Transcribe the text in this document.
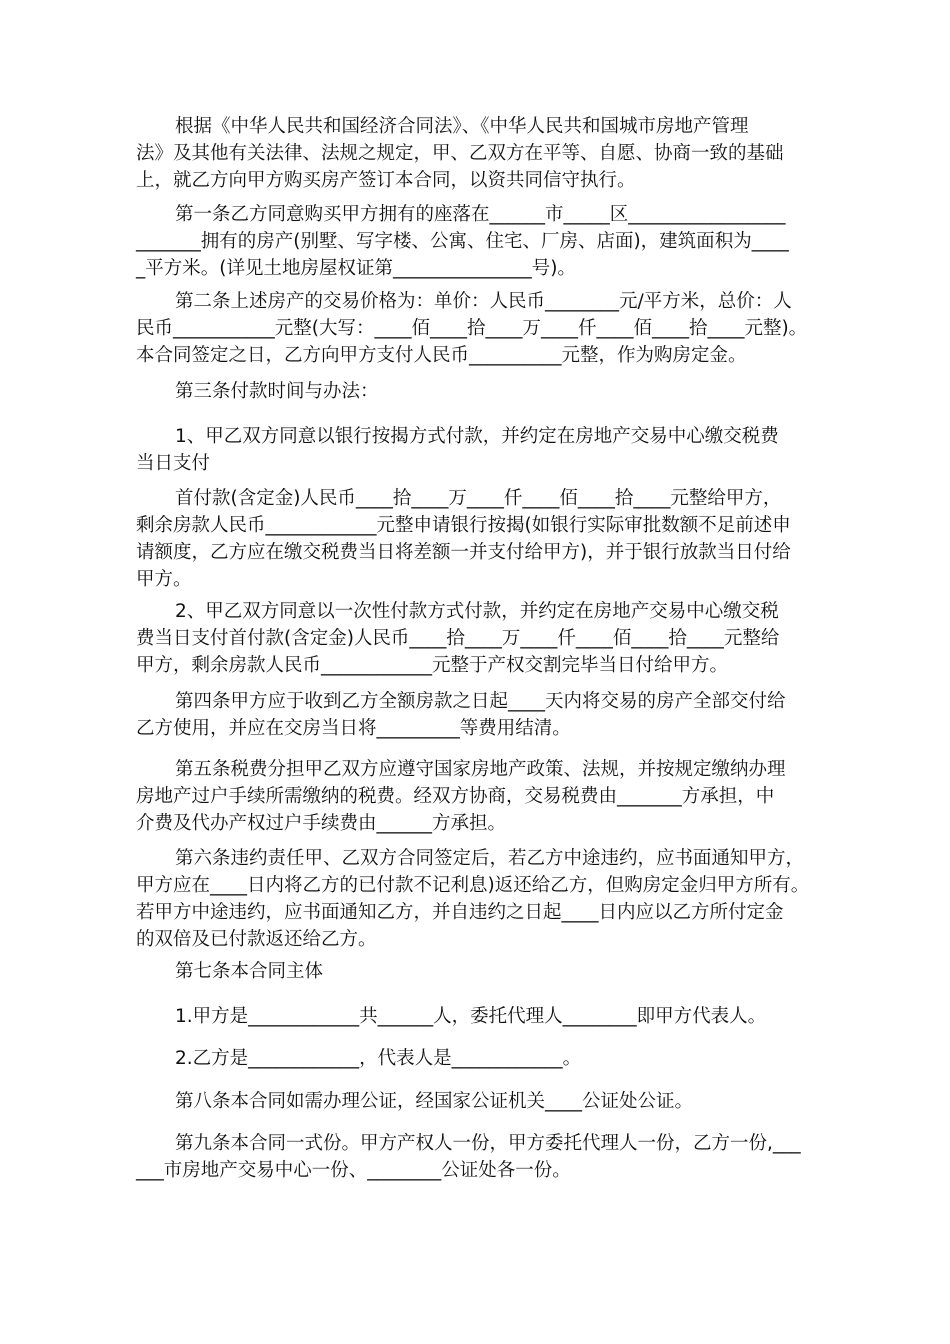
根据《中华人民共和国经济合同法》、《中华人民共和国城市房地产管理
法》及其他有关法律、法规之规定，甲、乙双方在平等、自愿、协商一致的基础
上，就乙方向甲方购买房产签订本合同，以资共同信守执行。

第一条乙方同意购买甲方拥有的座落在______市_____区_________________
_______拥有的房产(别墅、写字楼、公寓、住宅、厂房、店面)，建筑面积为____
_平方米。(详见土地房屋权证第_______________号)。

第二条上述房产的交易价格为：单价：人民币________元/平方米，总价：人
民币___________元整(大写：____佰____拾____万____仟____佰____拾____元整)。
本合同签定之日，乙方向甲方支付人民币__________元整，作为购房定金。

第三条付款时间与办法：

1、甲乙双方同意以银行按揭方式付款，并约定在房地产交易中心缴交税费
当日支付

首付款(含定金)人民币____拾____万____仟____佰____拾____元整给甲方，
剩余房款人民币____________元整申请银行按揭(如银行实际审批数额不足前述申
请额度，乙方应在缴交税费当日将差额一并支付给甲方)，并于银行放款当日付给
甲方。

2、甲乙双方同意以一次性付款方式付款，并约定在房地产交易中心缴交税
费当日支付首付款(含定金)人民币____拾____万____仟____佰____拾____元整给
甲方，剩余房款人民币____________元整于产权交割完毕当日付给甲方。

第四条甲方应于收到乙方全额房款之日起____天内将交易的房产全部交付给
乙方使用，并应在交房当日将_________等费用结清。

第五条税费分担甲乙双方应遵守国家房地产政策、法规，并按规定缴纳办理
房地产过户手续所需缴纳的税费。经双方协商，交易税费由_______方承担，中
介费及代办产权过户手续费由______方承担。

第六条违约责任甲、乙双方合同签定后，若乙方中途违约，应书面通知甲方，
甲方应在____日内将乙方的已付款不记利息)返还给乙方，但购房定金归甲方所有。
若甲方中途违约，应书面通知乙方，并自违约之日起____日内应以乙方所付定金
的双倍及已付款返还给乙方。

第七条本合同主体

1.甲方是____________共______人，委托代理人________即甲方代表人。

2.乙方是____________，代表人是____________。

第八条本合同如需办理公证，经国家公证机关____公证处公证。

第九条本合同一式份。甲方产权人一份，甲方委托代理人一份，乙方一份,___
___市房地产交易中心一份、________公证处各一份。
